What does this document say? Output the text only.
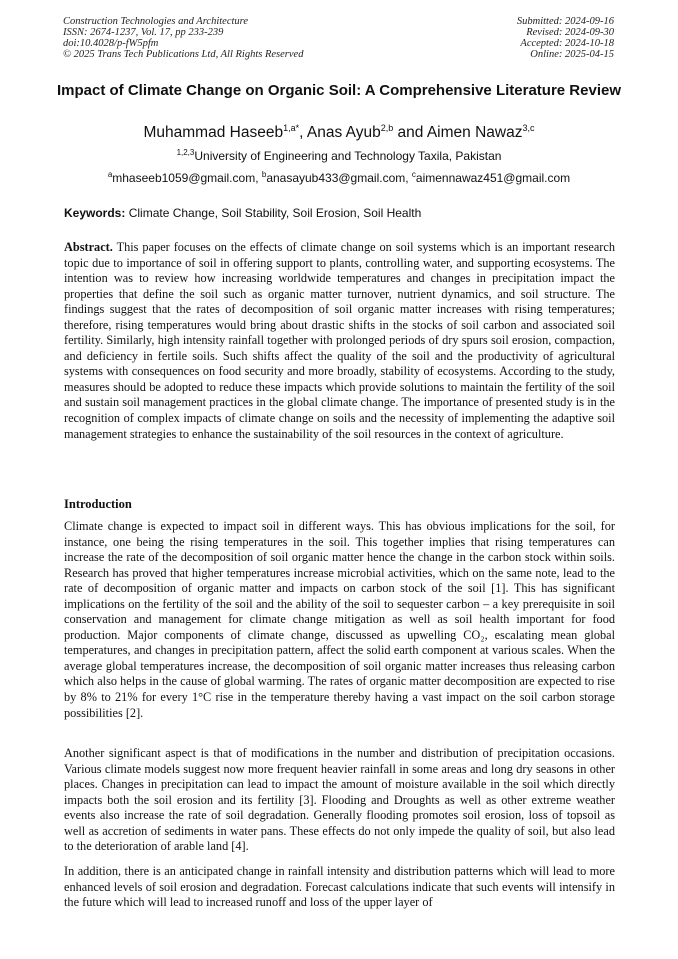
Construction Technologies and Architecture
ISSN: 2674-1237, Vol. 17, pp 233-239
doi:10.4028/p-fW5pfm
© 2025 Trans Tech Publications Ltd, All Rights Reserved
Submitted: 2024-09-16
Revised: 2024-09-30
Accepted: 2024-10-18
Online: 2025-04-15
Impact of Climate Change on Organic Soil: A Comprehensive Literature Review
Muhammad Haseeb$^{1,a*}$, Anas Ayub$^{2,b}$ and Aimen Nawaz$^{3,c}$
$^{1,2,3}$University of Engineering and Technology Taxila, Pakistan
$^a$mhaseeb1059@gmail.com, $^b$anasayub433@gmail.com, $^c$aimennawaz451@gmail.com
Keywords: Climate Change, Soil Stability, Soil Erosion, Soil Health

Abstract. This paper focuses on the effects of climate change on soil systems which is an important research topic due to importance of soil in offering support to plants, controlling water, and supporting ecosystems. The intention was to review how increasing worldwide temperatures and changes in precipitation impact the properties that define the soil such as organic matter turnover, nutrient dynamics, and soil structure. The findings suggest that the rates of decomposition of soil organic matter increases with rising temperatures; therefore, rising temperatures would bring about drastic shifts in the stocks of soil carbon and associated soil fertility. Similarly, high intensity rainfall together with prolonged periods of dry spurs soil erosion, compaction, and deficiency in fertile soils. Such shifts affect the quality of the soil and the productivity of agricultural systems with consequences on food security and more broadly, stability of ecosystems. According to the study, measures should be adopted to reduce these impacts which provide solutions to maintain the fertility of the soil and sustain soil management practices in the global climate change. The importance of presented study is in the recognition of complex impacts of climate change on soils and the necessity of implementing the adaptive soil management strategies to enhance the sustainability of the soil resources in the context of agriculture.

Introduction

Climate change is expected to impact soil in different ways. This has obvious implications for the soil, for instance, one being the rising temperatures in the soil. This together implies that rising temperatures can increase the rate of the decomposition of soil organic matter hence the change in the carbon stock within soils. Research has proved that higher temperatures increase microbial activities, which on the same note, lead to the rate of decomposition of organic matter and impacts on carbon stock of the soil [1]. This has significant implications on the fertility of the soil and the ability of the soil to sequester carbon – a key prerequisite in soil conservation and management for climate change mitigation as well as soil health important for food production. Major components of climate change, discussed as upwelling CO₂, escalating mean global temperatures, and changes in precipitation pattern, affect the solid earth component at various scales. When the average global temperatures increase, the decomposition of soil organic matter increases thus releasing carbon which also helps in the cause of global warming. The rates of organic matter decomposition are expected to rise by 8% to 21% for every 1°C rise in the temperature thereby having a vast impact on the soil carbon storage possibilities [2].

Another significant aspect is that of modifications in the number and distribution of precipitation occasions. Various climate models suggest now more frequent heavier rainfall in some areas and long dry seasons in other places. Changes in precipitation can lead to impact the amount of moisture available in the soil which directly impacts both the soil erosion and its fertility [3]. Flooding and Droughts as well as other extreme weather events also increase the rate of soil degradation. Generally flooding promotes soil erosion, loss of topsoil as well as accretion of sediments in water pans. These effects do not only impede the quality of soil, but also lead to the deterioration of arable land [4].

In addition, there is an anticipated change in rainfall intensity and distribution patterns which will lead to more enhanced levels of soil erosion and degradation. Forecast calculations indicate that such events will intensify in the future which will lead to increased runoff and loss of the upper layer of
